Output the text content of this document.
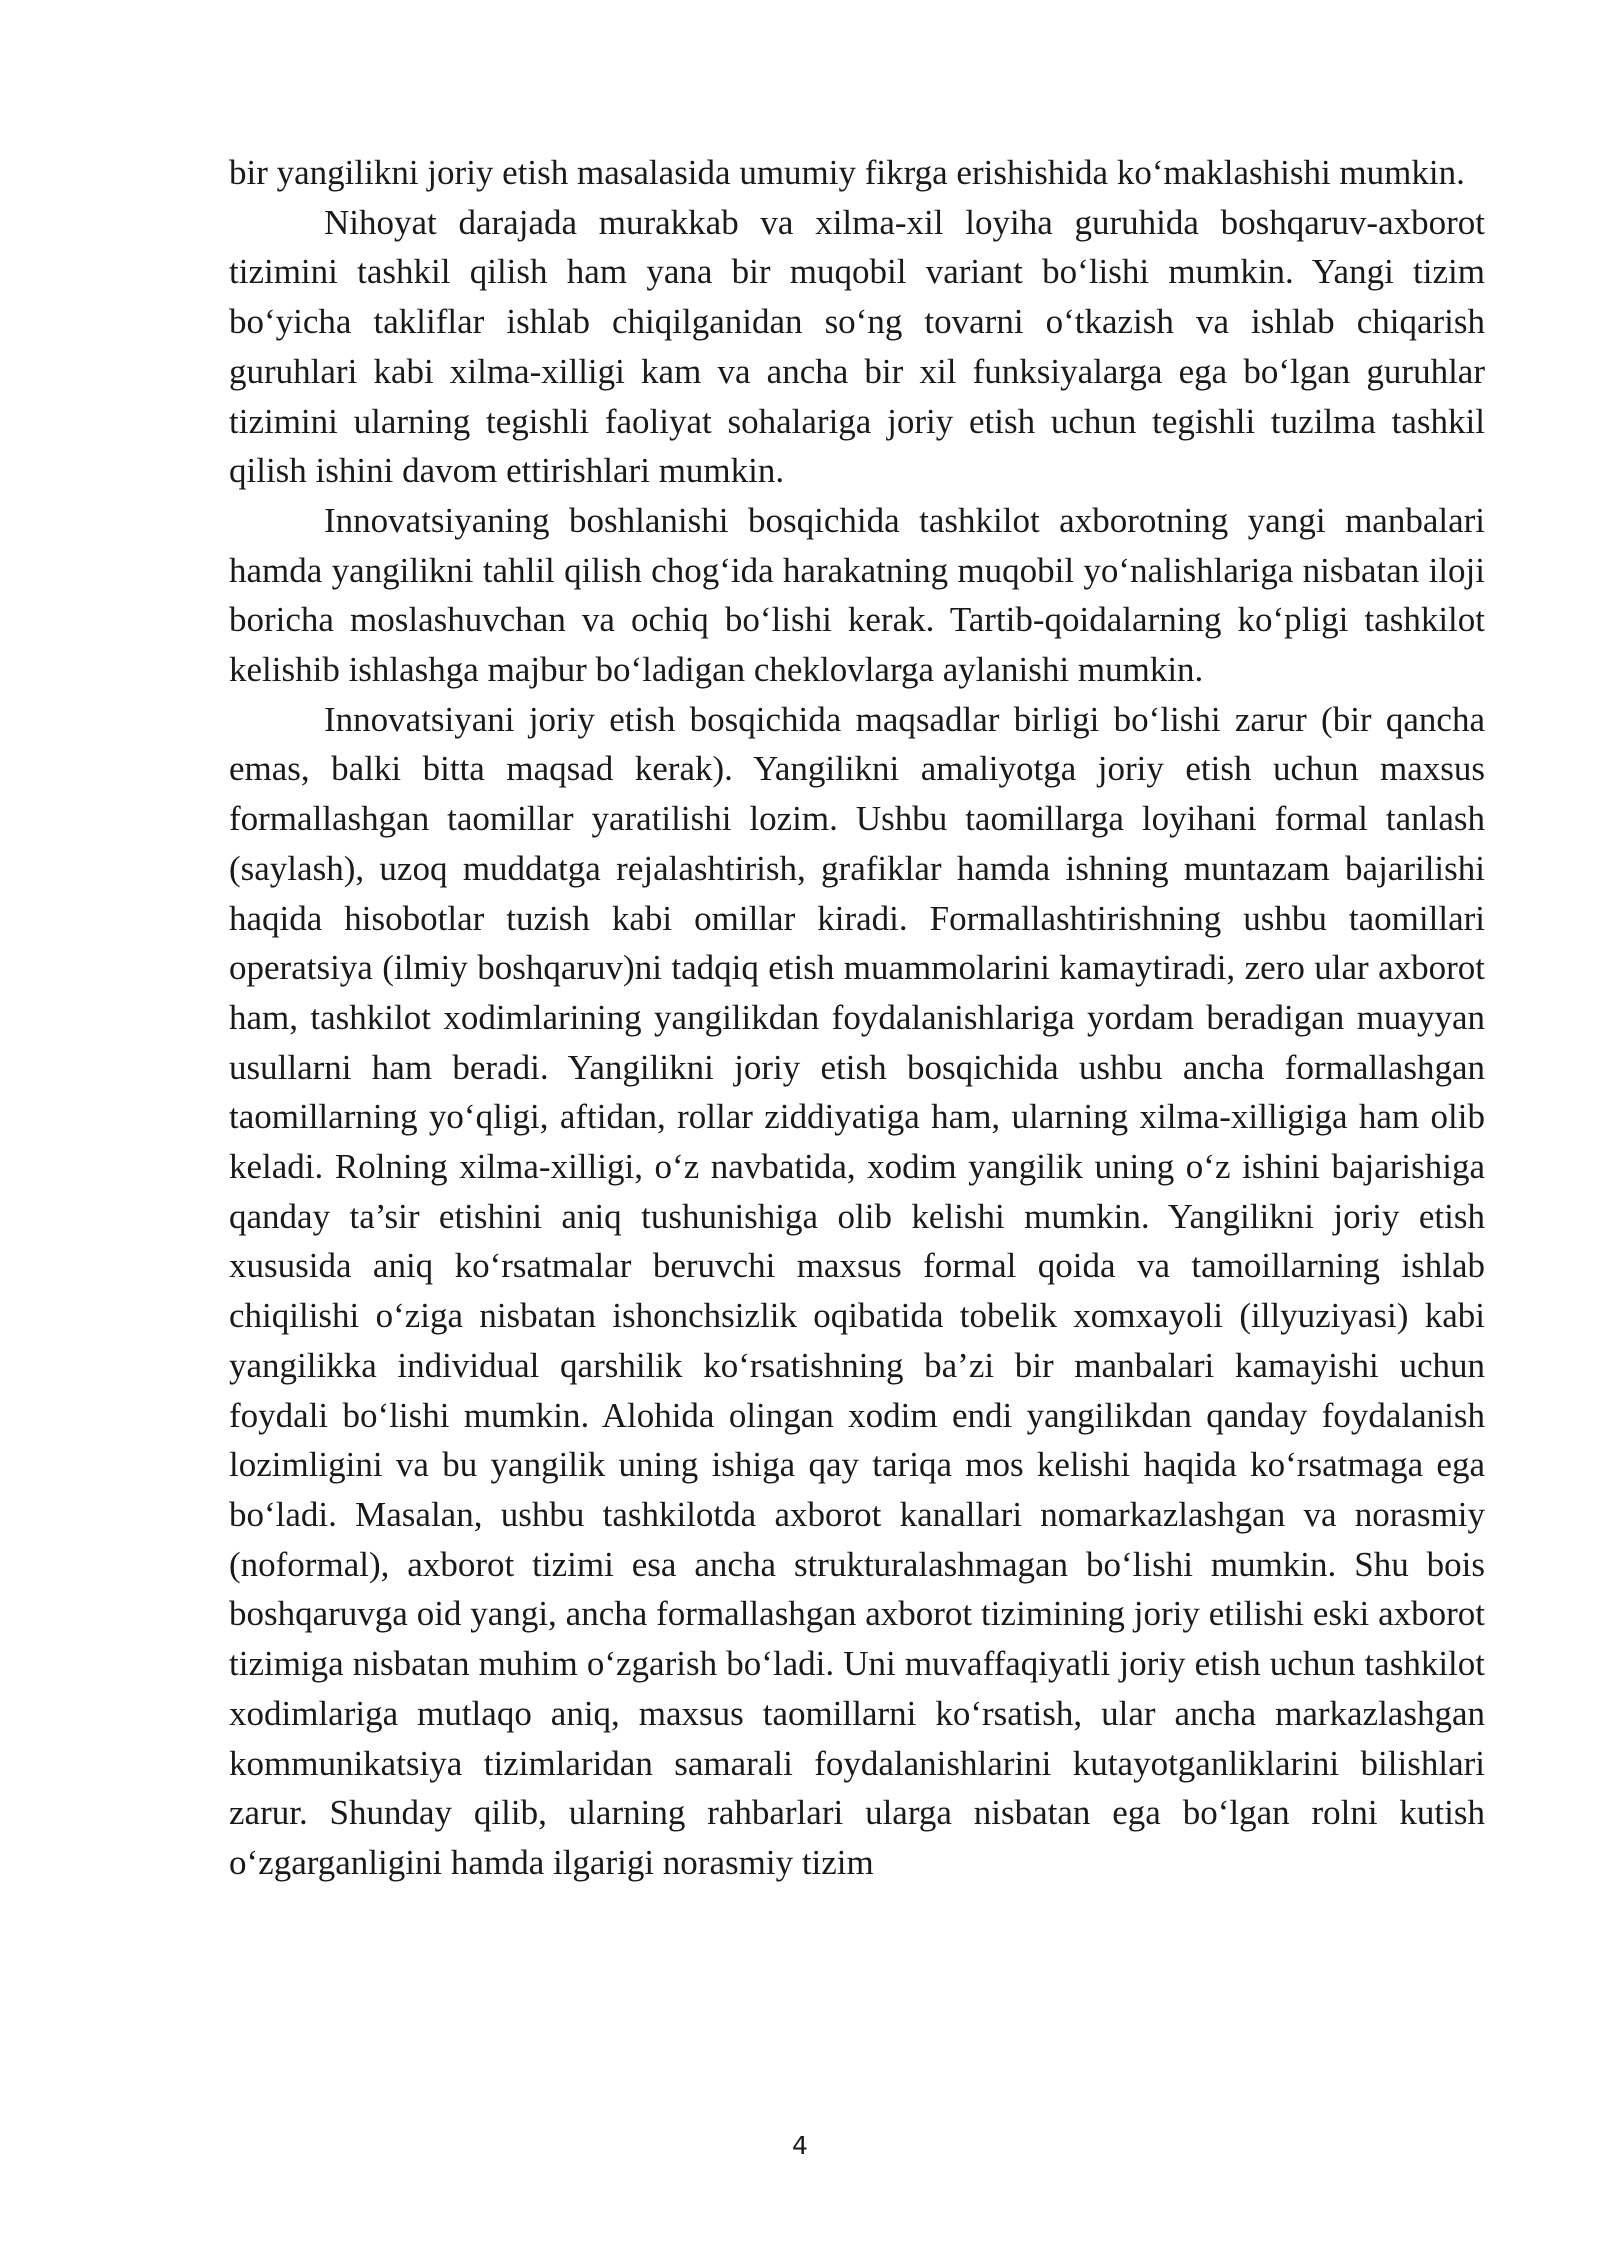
bir yangilikni joriy etish masalasida umumiy fikrga erishishida ko‘maklashishi mumkin.

Nihoyat darajada murakkab va xilma-xil loyiha guruhida boshqaruv-axborot tizimini tashkil qilish ham yana bir muqobil variant bo‘lishi mumkin. Yangi tizim bo‘yicha takliflar ishlab chiqilganidan so‘ng tovarni o‘tkazish va ishlab chiqarish guruhlari kabi xilma-xilligi kam va ancha bir xil funksiyalarga ega bo‘lgan guruhlar tizimini ularning tegishli faoliyat sohalariga joriy etish uchun tegishli tuzilma tashkil qilish ishini davom ettirishlari mumkin.

Innovatsiyaning boshlanishi bosqichida tashkilot axborotning yangi manbalari hamda yangilikni tahlil qilish chog‘ida harakatning muqobil yo‘nalishlariga nisbatan iloji boricha moslashuvchan va ochiq bo‘lishi kerak. Tartib-qoidalarning ko‘pligi tashkilot kelishib ishlashga majbur bo‘ladigan cheklovlarga aylanishi mumkin.

Innovatsiyani joriy etish bosqichida maqsadlar birligi bo‘lishi zarur (bir qancha emas, balki bitta maqsad kerak). Yangilikni amaliyotga joriy etish uchun maxsus formallashgan taomillar yaratilishi lozim. Ushbu taomillarga loyihani formal tanlash (saylash), uzoq muddatga rejalashtirish, grafiklar hamda ishning muntazam bajarilishi haqida hisobotlar tuzish kabi omillar kiradi. Formallashtirishning ushbu taomillari operatsiya (ilmiy boshqaruv)ni tadqiq etish muammolarini kamaytiradi, zero ular axborot ham, tashkilot xodimlarining yangilikdan foydalanishlariga yordam beradigan muayyan usullarni ham beradi. Yangilikni joriy etish bosqichida ushbu ancha formallashgan taomillarning yo‘qligi, aftidan, rollar ziddiyatiga ham, ularning xilma-xilligiga ham olib keladi. Rolning xilma-xilligi, o‘z navbatida, xodim yangilik uning o‘z ishini bajarishiga qanday ta’sir etishini aniq tushunishiga olib kelishi mumkin. Yangilikni joriy etish xususida aniq ko‘rsatmalar beruvchi maxsus formal qoida va tamoillarning ishlab chiqilishi o‘ziga nisbatan ishonchsizlik oqibatida tobelik xomxayoli (illyuziyasi) kabi yangilikka individual qarshilik ko‘rsatishning ba’zi bir manbalari kamayishi uchun foydali bo‘lishi mumkin. Alohida olingan xodim endi yangilikdan qanday foydalanish lozimligini va bu yangilik uning ishiga qay tariqa mos kelishi haqida ko‘rsatmaga ega bo‘ladi. Masalan, ushbu tashkilotda axborot kanallari nomarkazlashgan va norasmiy (noformal), axborot tizimi esa ancha strukturalashmagan bo‘lishi mumkin. Shu bois boshqaruvga oid yangi, ancha formallashgan axborot tizimining joriy etilishi eski axborot tizimiga nisbatan muhim o‘zgarish bo‘ladi. Uni muvaffaqiyatli joriy etish uchun tashkilot xodimlariga mutlaqo aniq, maxsus taomillarni ko‘rsatish, ular ancha markazlashgan kommunikatsiya tizimlaridan samarali foydalanishlarini kutayotganliklarini bilishlari zarur. Shunday qilib, ularning rahbarlari ularga nisbatan ega bo‘lgan rolni kutish o‘zgarganligini hamda ilgarigi norasmiy tizim

4
